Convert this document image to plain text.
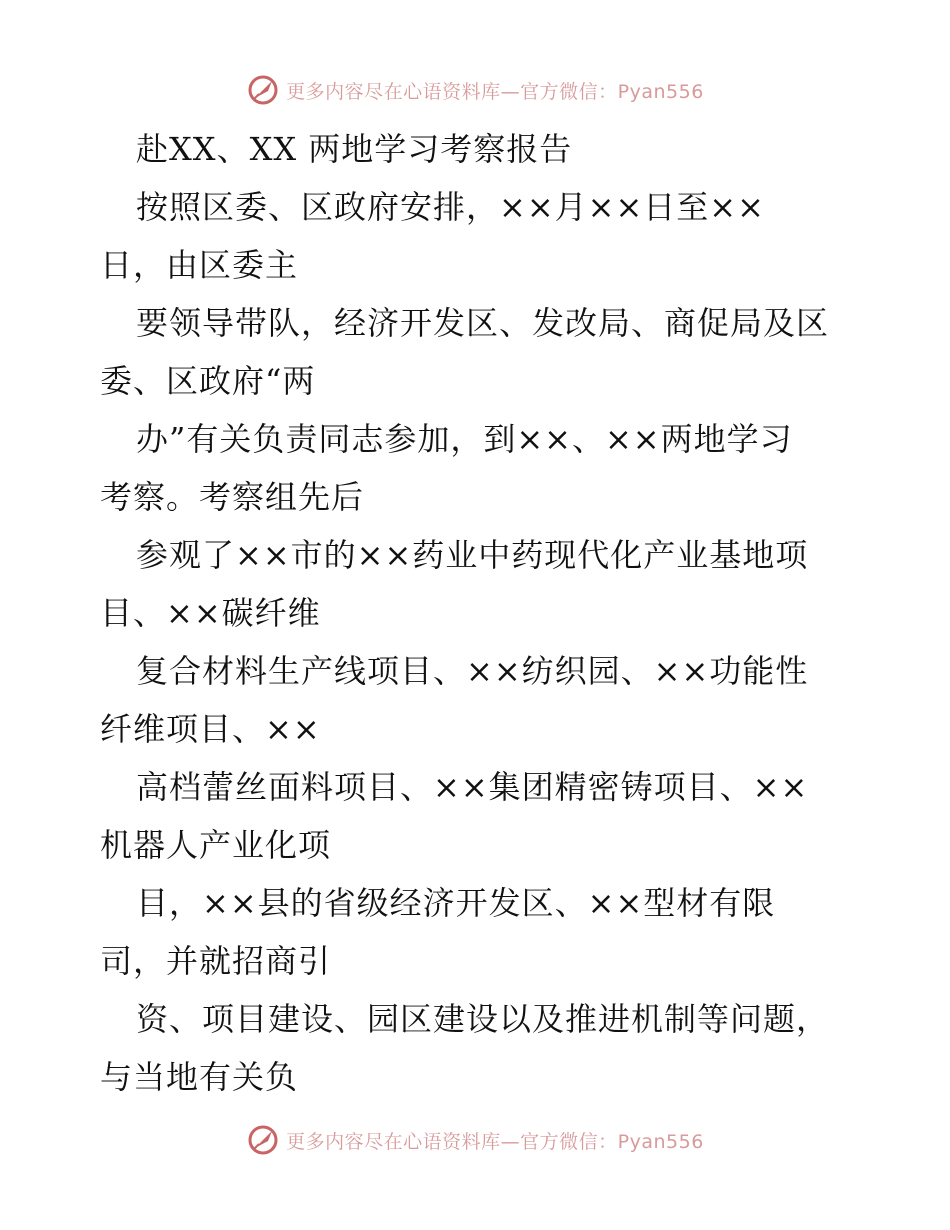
更多内容尽在心语资料库—官方微信：Pyan556
赴XX、XX 两地学习考察报告
按照区委、区政府安排，××月××日至××
日，由区委主
要领导带队，经济开发区、发改局、商促局及区
委、区政府“两
办”有关负责同志参加，到××、××两地学习
考察。考察组先后
参观了××市的××药业中药现代化产业基地项
目、××碳纤维
复合材料生产线项目、××纺织园、××功能性
纤维项目、××
高档蕾丝面料项目、××集团精密铸项目、××
机器人产业化项
目，××县的省级经济开发区、××型材有限
司，并就招商引
资、项目建设、园区建设以及推进机制等问题，
与当地有关负
更多内容尽在心语资料库—官方微信：Pyan556
